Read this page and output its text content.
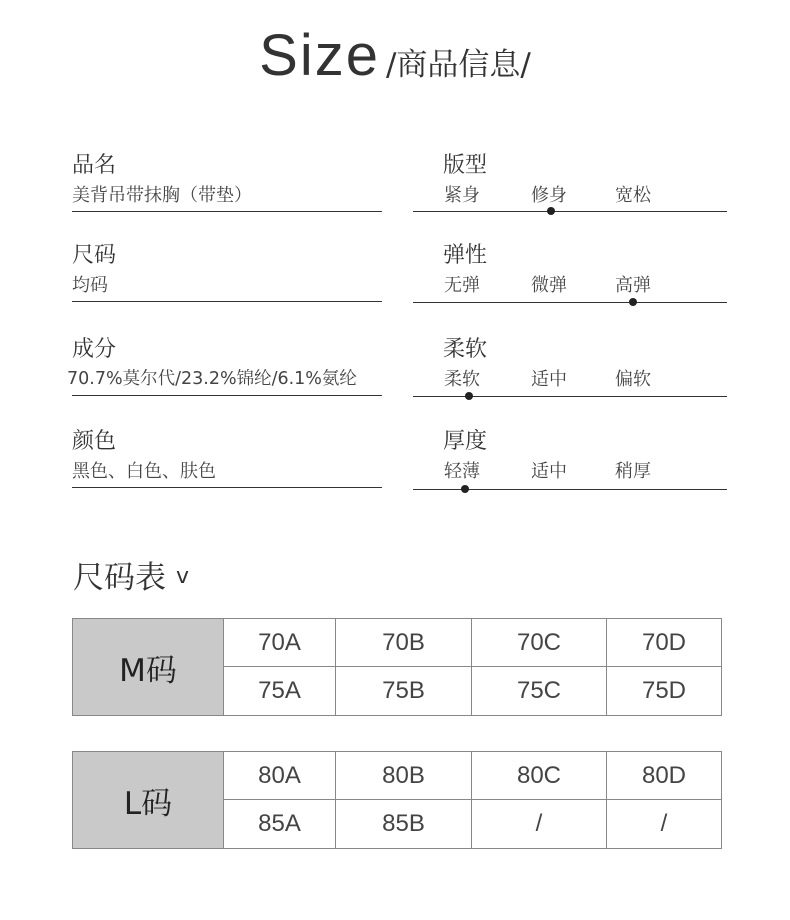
Size /商品信息/
品名
美背吊带抹胸（带垫）
尺码
均码
成分
70.7%莫尔代/23.2%锦纶/6.1%氨纶
颜色
黑色、白色、肤色
版型
紧身	修身	宽松
弹性
无弹	微弹	高弹
柔软
柔软	适中	偏软
厚度
轻薄	适中	稍厚
尺码表 v
M码
70A	70B	70C	70D
75A	75B	75C	75D
L码
80A	80B	80C	80D
85A	85B	/	/
